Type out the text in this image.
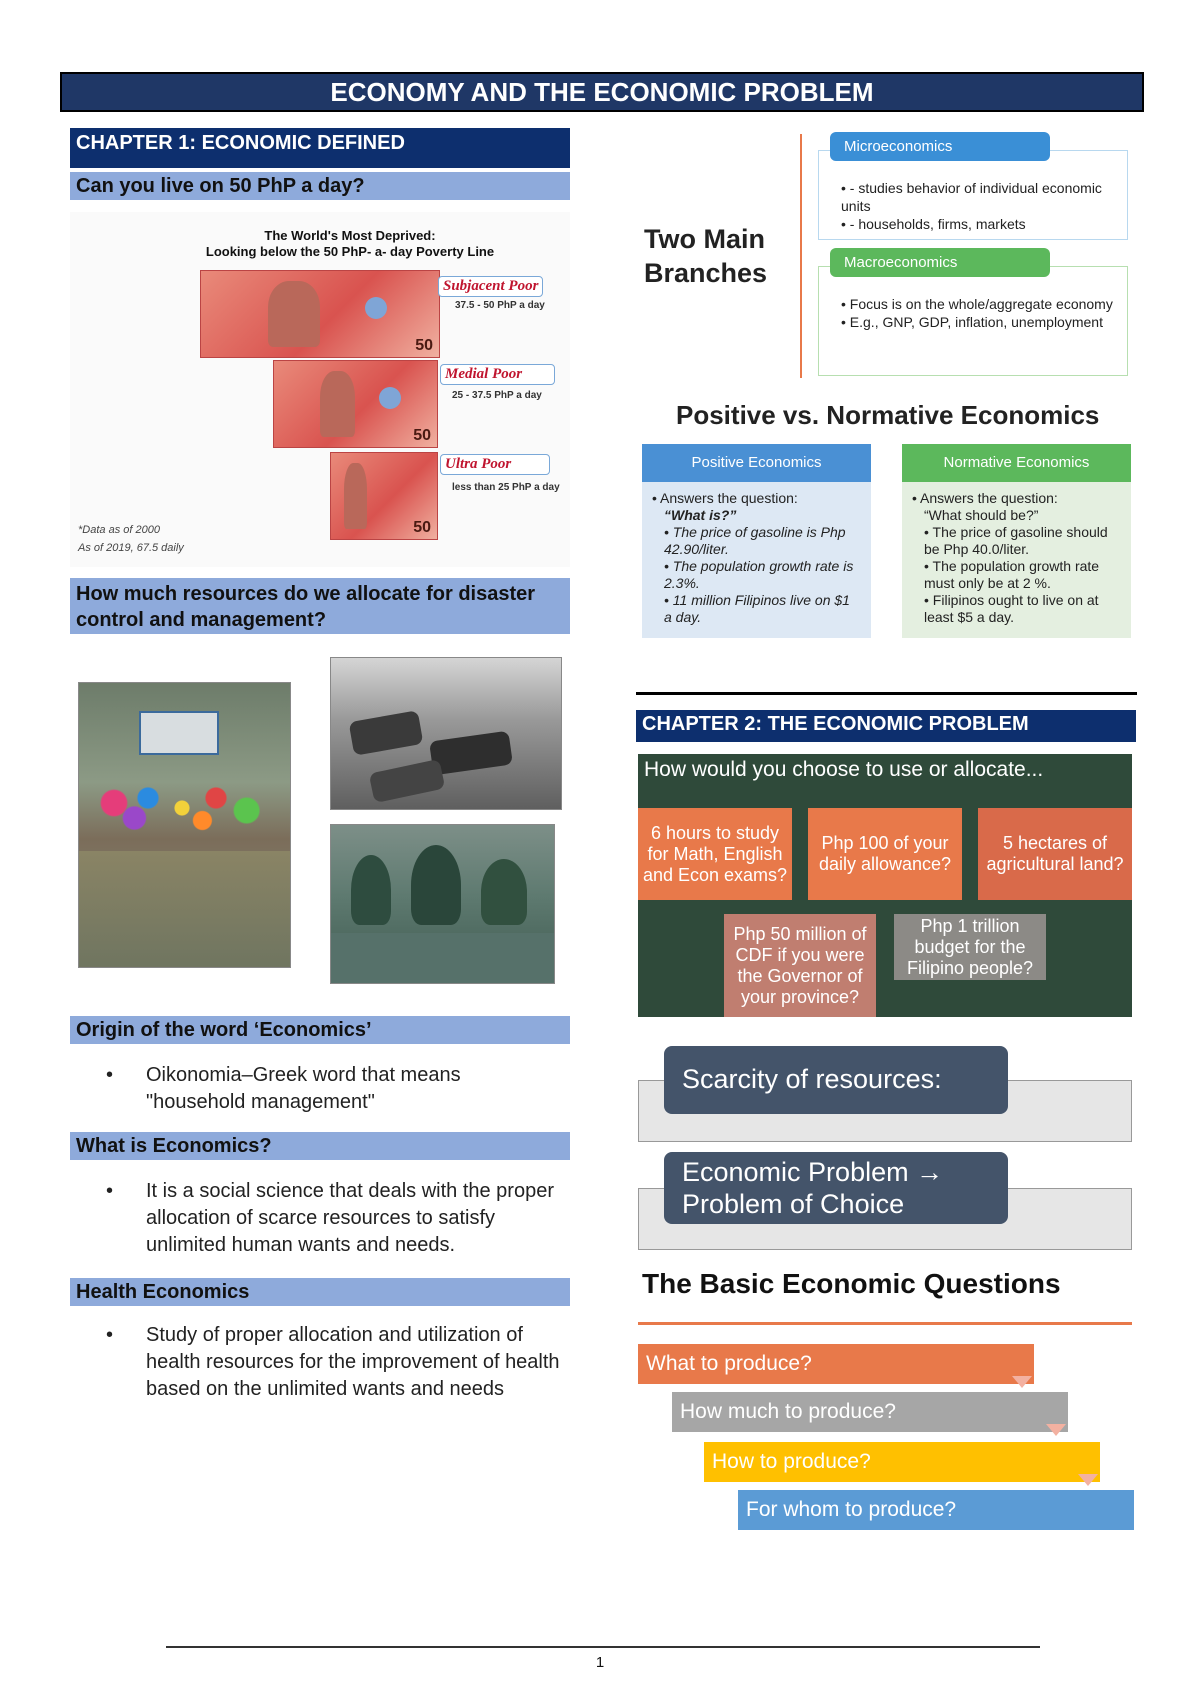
ECONOMY AND THE ECONOMIC PROBLEM
CHAPTER 1: ECONOMIC DEFINED
Can you live on 50 PhP a day?
The World's Most Deprived:
Looking below the 50 PhP- a- day Poverty Line
50
Subjacent Poor
37.5 - 50 PhP a day
50
Medial Poor
25 - 37.5 PhP a day
50
Ultra Poor
less than 25 PhP a day
*Data as of 2000
As of 2019, 67.5 daily
How much resources do we allocate for disaster control and management?
Origin of the word ‘Economics’
• Oikonomia–Greek word that means "household management"
What is Economics?
• It is a social science that deals with the proper allocation of scarce resources to satisfy unlimited human wants and needs.
Health Economics
• Study of proper allocation and utilization of health resources for the improvement of health based on the unlimited wants and needs
Two Main Branches
• - studies behavior of individual economic units
• - households, firms, markets
Microeconomics
• Focus is on the whole/aggregate economy
• E.g., GNP, GDP, inflation, unemployment
Macroeconomics
Positive vs. Normative Economics
Positive Economics
• Answers the question:
“What is?”
• The price of gasoline is Php 42.90/liter.
• The population growth rate is 2.3%.
• 11 million Filipinos live on $1 a day.
Normative Economics
• Answers the question:
“What should be?”
• The price of gasoline should be Php 40.0/liter.
• The population growth rate must only be at 2 %.
• Filipinos ought to live on at least $5 a day.
CHAPTER 2: THE ECONOMIC PROBLEM
How would you choose to use or allocate...
6 hours to study for Math, English and Econ exams?
Php 100 of your daily allowance?
5 hectares of agricultural land?
Php 50 million of CDF if you were the Governor of your province?
Php 1 trillion budget for the Filipino people?
Scarcity of resources:
Economic Problem →
Problem of Choice
The Basic Economic Questions
What to produce?
How much to produce?
How to produce?
For whom to produce?
1
